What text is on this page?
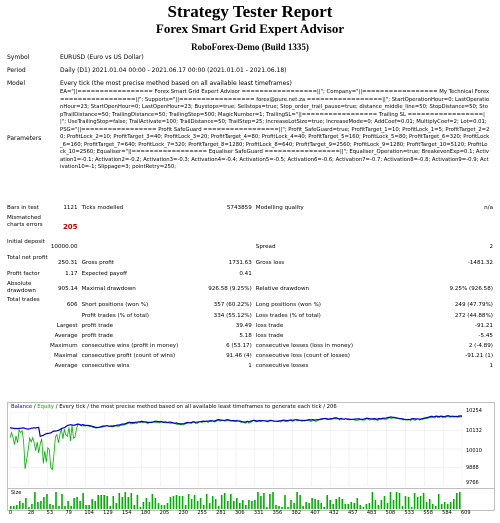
Strategy Tester Report
Forex Smart Grid Expert Advisor
RoboForex-Demo (Build 1335)
Symbol	EURUSD (Euro vs US Dollar)
Period	Daily (D1) 2021.01.04 00:00 - 2021.06.17 00:00 (2021.01.01 - 2021.06.18)
Model	Every tick (the most precise method based on all available least timeframes)
Parameters
EA="||================= Forex Smart Grid Expert Advisor =================||"; Company="||================= My Technical Forex =================||"; Supports="||================= forex@pure.net.za =================||"; StartOperationHour=0; LastOperationHour=23; StartOpenHour=0; LastOpenHour=23; Buystops=true; Sellstops=true; Stop_order_trail_pause=true; distance_middle_line=50; StopDistance=50; StopTrailDistance=50; TrailingDistance=50; TrailingStep=500; MagicNumber=1; TrailingSL="||================= Trailing SL =================||"; UseTrailingStop=false; TrailActivate=100; TrailDistance=50; TrailStep=25; IncreaseLotSize=true; IncreaseMode=0; AddCoef=0.01; MultiplyCoef=2; Lot=0.01; PSG="||================= Profit SafeGuard =================||"; Profit_SafeGuard=true; ProfitTarget_1=10; ProfitLock_1=5; ProfitTarget_2=20; ProfitLock_2=10; ProfitTarget_3=40; ProfitLock_3=20; ProfitTarget_4=80; ProfitLock_4=40; ProfitTarget_5=160; ProfitLock_5=80; ProfitTarget_6=320; ProfitLock_6=160; ProfitTarget_7=640; ProfitLock_7=320; ProfitTarget_8=1280; ProfitLock_8=640; ProfitTarget_9=2560; ProfitLock_9=1280; ProfitTarget_10=5120; ProfitLock_10=2560; Equaliser="||================= Equaliser SafeGuard =================||"; Equaliser_Operation=true; BreakevenExp=0.1; Activation1=-0.1; Activation2=-0.2; Activation3=-0.3; Activation4=-0.4; Activation5=-0.5; Activation6=-0.6; Activation7=-0.7; Activation8=-0.8; Activation9=-0.9; Activation10=-1; Slippage=3; pointRetry=250;
Bars in test	1121	Ticks modelled	5743859	Modelling quality	n/a
Mismatched charts errors	205				
Initial deposit	10000.00			Spread	2
Total net profit	250.31	Gross profit	1731.63	Gross loss	-1481.32
Profit factor	1.17	Expected payoff	0.41		
Absolute drawdown	905.14	Maximal drawdown	926.58 (9.25%)	Relative drawdown	9.25% (926.58)
Total trades	606	Short positions (won %)	357 (60.22%)	Long positions (won %)	249 (47.79%)
		Profit trades (% of total)	334 (55.12%)	Loss trades (% of total)	272 (44.88%)
Largest		profit trade	39.49	loss trade	-91.21
Average		profit trade	5.18	loss trade	-5.45
Maximum		consecutive wins (profit in money)	6 (53.17)	consecutive losses (loss in money)	2 (-4.89)
Maximal		consecutive profit (count of wins)	91.46 (4)	consecutive loss (count of losses)	-91.21 (1)
Average		consecutive wins	1	consecutive losses	1
Balance / Equity / Every tick / the most precise method based on all available least timeframes to generate each tick / 206
10254
10132
10010
9888
9766
Size
0	28 53 79 104 129 154 180 205 230 255 281 306 331 356 382 407 432 457 483 508 533 558 584 609
